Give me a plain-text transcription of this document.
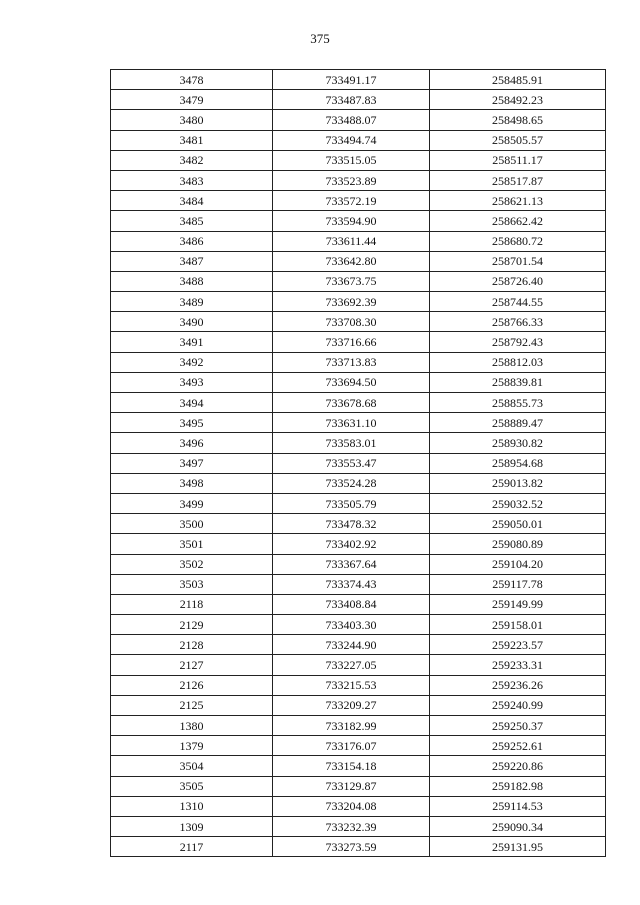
375
3478	733491.17	258485.91
3479	733487.83	258492.23
3480	733488.07	258498.65
3481	733494.74	258505.57
3482	733515.05	258511.17
3483	733523.89	258517.87
3484	733572.19	258621.13
3485	733594.90	258662.42
3486	733611.44	258680.72
3487	733642.80	258701.54
3488	733673.75	258726.40
3489	733692.39	258744.55
3490	733708.30	258766.33
3491	733716.66	258792.43
3492	733713.83	258812.03
3493	733694.50	258839.81
3494	733678.68	258855.73
3495	733631.10	258889.47
3496	733583.01	258930.82
3497	733553.47	258954.68
3498	733524.28	259013.82
3499	733505.79	259032.52
3500	733478.32	259050.01
3501	733402.92	259080.89
3502	733367.64	259104.20
3503	733374.43	259117.78
2118	733408.84	259149.99
2129	733403.30	259158.01
2128	733244.90	259223.57
2127	733227.05	259233.31
2126	733215.53	259236.26
2125	733209.27	259240.99
1380	733182.99	259250.37
1379	733176.07	259252.61
3504	733154.18	259220.86
3505	733129.87	259182.98
1310	733204.08	259114.53
1309	733232.39	259090.34
2117	733273.59	259131.95
